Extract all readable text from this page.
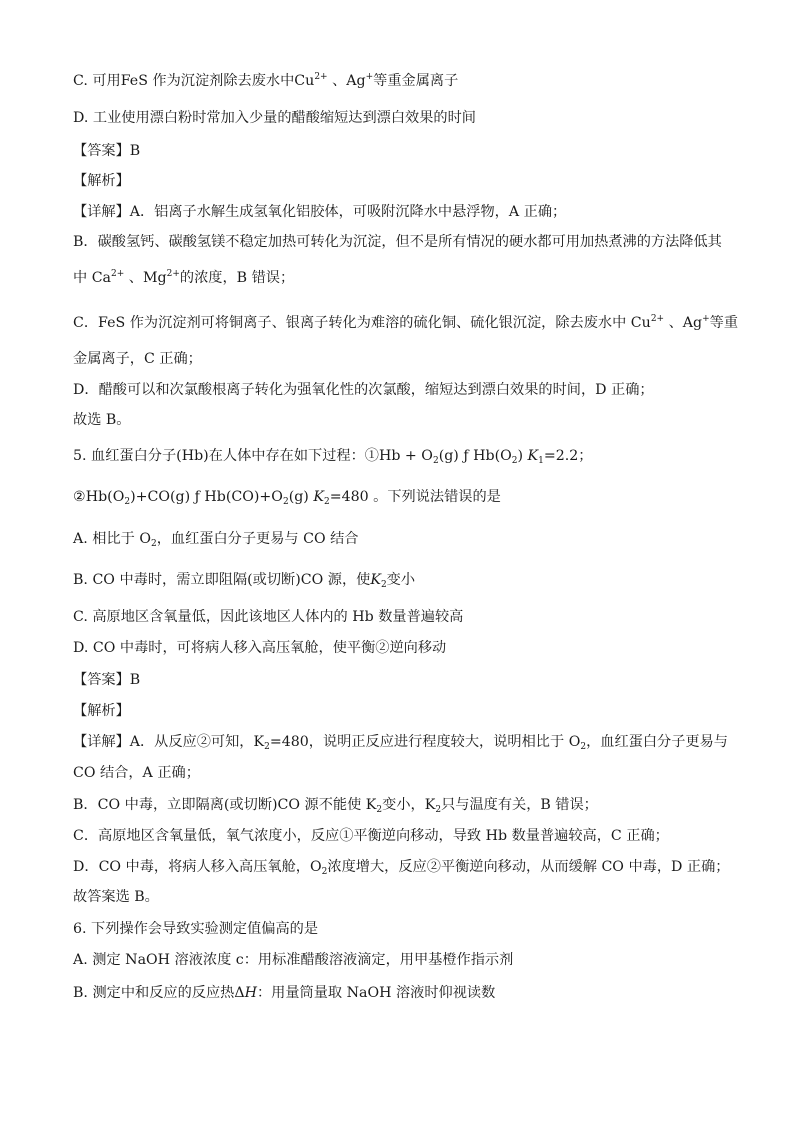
C. 可用FeS 作为沉淀剂除去废水中$Cu^{2+}$ 、Ag+等重金属离子
D. 工业使用漂白粉时常加入少量的醋酸缩短达到漂白效果的时间
【答案】B
【解析】
【详解】A．铝离子水解生成氢氧化铝胶体，可吸附沉降水中悬浮物，A 正确；
B．碳酸氢钙、碳酸氢镁不稳定加热可转化为沉淀，但不是所有情况的硬水都可用加热煮沸的方法降低其
中 $Ca^{2+}$ 、$Mg^{2+}$的浓度，B 错误；
C．FeS 作为沉淀剂可将铜离子、银离子转化为难溶的硫化铜、硫化银沉淀，除去废水中 $Cu^{2+}$ 、Ag+等重
金属离子，C 正确；
D．醋酸可以和次氯酸根离子转化为强氧化性的次氯酸，缩短达到漂白效果的时间，D 正确；
故选 B。
5. 血红蛋白分子(Hb)在人体中存在如下过程：①Hb + $O_2(g)$ ƒ $Hb(O_2)$ $K_1=2.2$；
$②Hb(O_2)+CO(g)$ ƒ $Hb(CO)+O_2(g)$ $K_2=480$ 。下列说法错误的是
A. 相比于 $O_2$，血红蛋白分子更易与 CO 结合
B. CO 中毒时，需立即阻隔(或切断)CO 源，使$K_2$变小
C. 高原地区含氧量低，因此该地区人体内的 Hb 数量普遍较高
D. CO 中毒时，可将病人移入高压氧舱，使平衡②逆向移动
【答案】B
【解析】
【详解】A．从反应②可知，$K_2=480$，说明正反应进行程度较大，说明相比于 $O_2$，血红蛋白分子更易与
CO 结合，A 正确；
B．CO 中毒，立即隔离(或切断)CO 源不能使 $K_2$变小，$K_2$只与温度有关，B 错误；
C．高原地区含氧量低，氧气浓度小，反应①平衡逆向移动，导致 Hb 数量普遍较高，C 正确；
D．CO 中毒，将病人移入高压氧舱，$O_2$浓度增大，反应②平衡逆向移动，从而缓解 CO 中毒，D 正确；
故答案选 B。
6. 下列操作会导致实验测定值偏高的是
A. 测定 NaOH 溶液浓度 c：用标准醋酸溶液滴定，用甲基橙作指示剂
B. 测定中和反应的反应热ΔH：用量筒量取 NaOH 溶液时仰视读数
